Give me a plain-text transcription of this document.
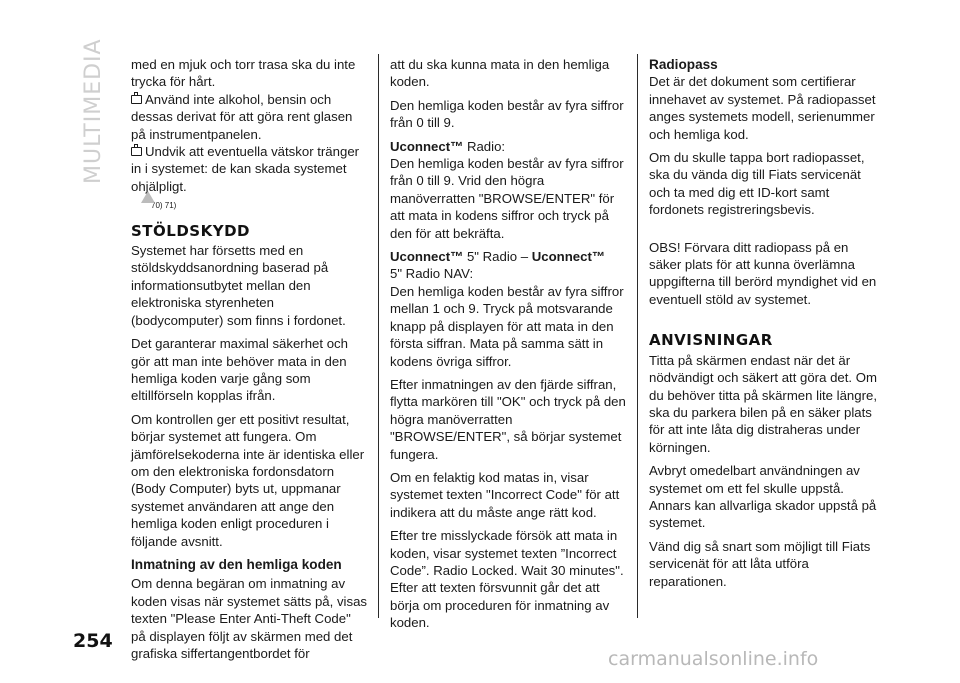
MULTIMEDIA med en mjuk och torr trasa ska du inte trycka för hårt.

Använd inte alkohol, bensin och dessas derivat för att göra rent glasen på instrumentpanelen.

Undvik att eventuella vätskor tränger in i systemet: de kan skada systemet ohjälpligt.

70) 71)
STÖLDSKYDD

Systemet har försetts med en stöldskyddsanordning baserad på informationsutbytet mellan den elektroniska styrenheten (bodycomputer) som finns i fordonet.

Det garanterar maximal säkerhet och gör att man inte behöver mata in den hemliga koden varje gång som eltillförseln kopplas ifrån.

Om kontrollen ger ett positivt resultat, börjar systemet att fungera. Om jämförelsekoderna inte är identiska eller om den elektroniska fordonsdatorn (Body Computer) byts ut, uppmanar systemet användaren att ange den hemliga koden enligt proceduren i följande avsnitt.

Inmatning av den hemliga koden

Om denna begäran om inmatning av koden visas när systemet sätts på, visas texten "Please Enter Anti-Theft Code" på displayen följt av skärmen med det grafiska siffertangentbordet för

att du ska kunna mata in den hemliga koden.

Den hemliga koden består av fyra siffror från 0 till 9.

Uconnect™ Radio:

Den hemliga koden består av fyra siffror från 0 till 9. Vrid den högra manöverratten "BROWSE/ENTER" för att mata in kodens siffror och tryck på den för att bekräfta.

Uconnect™ 5" Radio – Uconnect™
5" Radio NAV:

Den hemliga koden består av fyra siffror mellan 1 och 9. Tryck på motsvarande knapp på displayen för att mata in den första siffran. Mata på samma sätt in kodens övriga siffror.

Efter inmatningen av den fjärde siffran, flytta markören till "OK" och tryck på den högra manöverratten "BROWSE/ENTER", så börjar systemet fungera.

Om en felaktig kod matas in, visar systemet texten "Incorrect Code" för att indikera att du måste ange rätt kod.

Efter tre misslyckade försök att mata in koden, visar systemet texten ”Incorrect Code”. Radio Locked. Wait 30 minutes". Efter att texten försvunnit går det att börja om proceduren för inmatning av koden.

Radiopass

Det är det dokument som certifierar innehavet av systemet. På radiopasset anges systemets modell, serienummer och hemliga kod.

Om du skulle tappa bort radiopasset, ska du vända dig till Fiats servicenät och ta med dig ett ID-kort samt fordonets registreringsbevis.

OBS! Förvara ditt radiopass på en säker plats för att kunna överlämna uppgifterna till berörd myndighet vid en eventuell stöld av systemet.

ANVISNINGAR

Titta på skärmen endast när det är nödvändigt och säkert att göra det. Om du behöver titta på skärmen lite längre, ska du parkera bilen på en säker plats för att inte låta dig distraheras under körningen.

Avbryt omedelbart användningen av systemet om ett fel skulle uppstå. Annars kan allvarliga skador uppstå på systemet.

Vänd dig så snart som möjligt till Fiats servicenät för att låta utföra reparationen.

254
carmanualsonline.info
